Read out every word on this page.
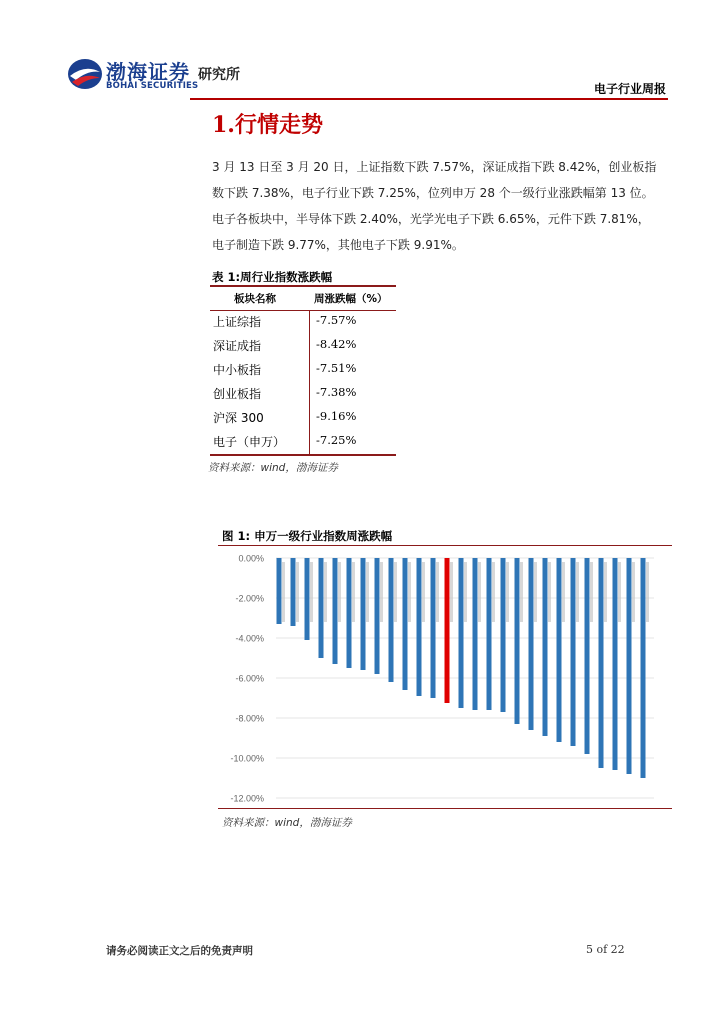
渤海证券
BOHAI SECURITIES
研究所
电子行业周报
1.行情走势

3 月 13 日至 3 月 20 日，上证指数下跌 7.57%，深证成指下跌 8.42%，创业板指

数下跌 7.38%，电子行业下跌 7.25%，位列申万 28 个一级行业涨跌幅第 13 位。

电子各板块中，半导体下跌 2.40%，光学光电子下跌 6.65%，元件下跌 7.81%，

电子制造下跌 9.77%，其他电子下跌 9.91%。

表 1:周行业指数涨跌幅
板块名称	周涨跌幅（%）
上证综指	-7.57%
深证成指	-8.42%
中小板指	-7.51%
创业板指	-7.38%
沪深 300	-9.16%
电子（申万）	-7.25%
资料来源：wind，渤海证券
图 1: 申万一级行业指数周涨跌幅
0.00%
-2.00%
-4.00%
-6.00%
-8.00%
-10.00%
-12.00%
资料来源：wind，渤海证券
请务必阅读正文之后的免责声明	5 of 22
